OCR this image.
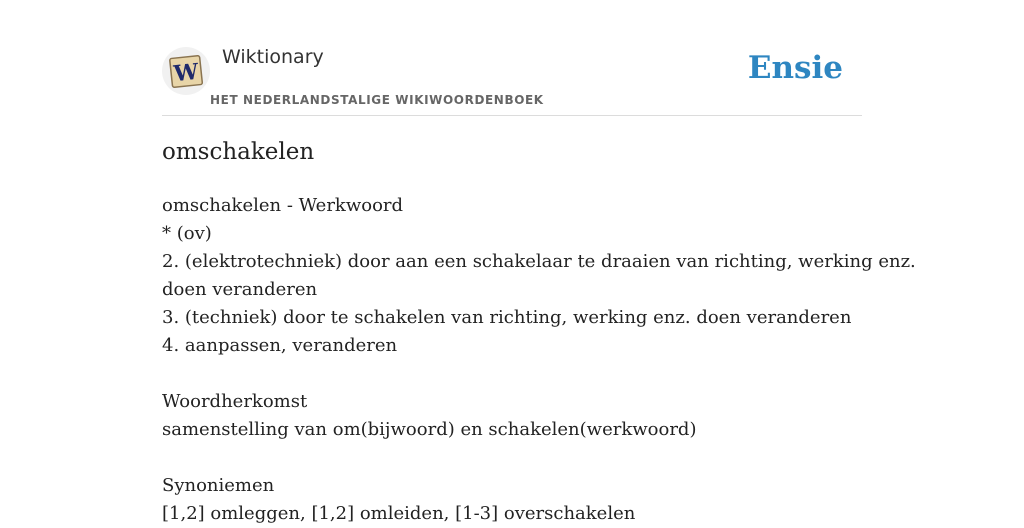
W
Wiktionary
HET NEDERLANDSTALIGE WIKIWOORDENBOEK
Ensie
omschakelen
omschakelen - Werkwoord
* (ov)
2. (elektrotechniek) door aan een schakelaar te draaien van richting, werking enz.
doen veranderen
3. (techniek) door te schakelen van richting, werking enz. doen veranderen
4. aanpassen, veranderen
Woordherkomst
samenstelling van om(bijwoord) en schakelen(werkwoord)
Synoniemen
[1,2] omleggen, [1,2] omleiden, [1-3] overschakelen
